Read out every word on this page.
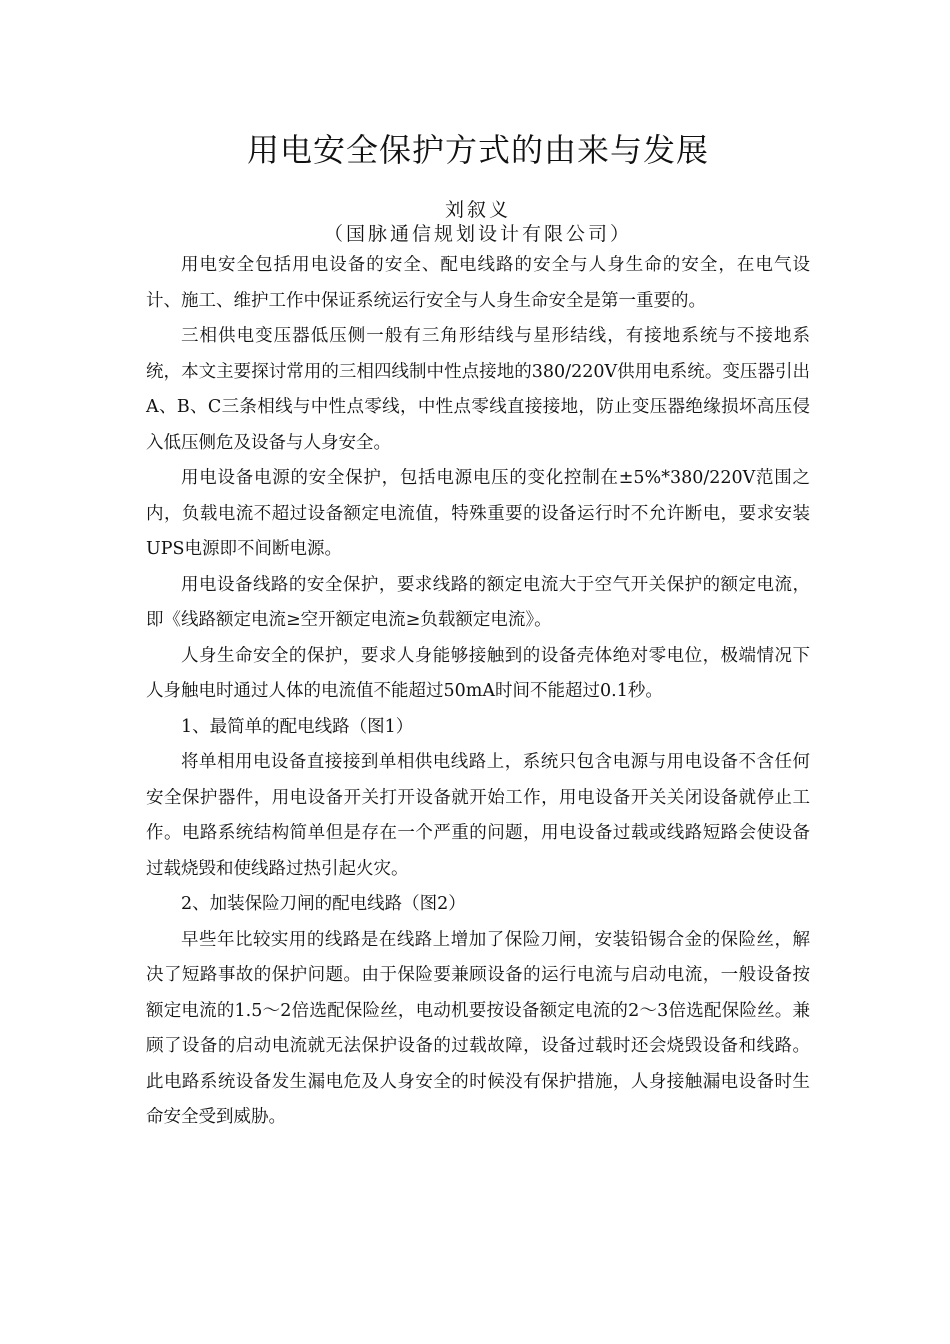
用电安全保护方式的由来与发展
刘叙义
（国脉通信规划设计有限公司）

用电安全包括用电设备的安全、配电线路的安全与人身生命的安全，在电气设计、施工、维护工作中保证系统运行安全与人身生命安全是第一重要的。

三相供电变压器低压侧一般有三角形结线与星形结线，有接地系统与不接地系统，本文主要探讨常用的三相四线制中性点接地的380/220V供用电系统。变压器引出A、B、C三条相线与中性点零线，中性点零线直接接地，防止变压器绝缘损坏高压侵入低压侧危及设备与人身安全。

用电设备电源的安全保护，包括电源电压的变化控制在±5%*380/220V范围之内，负载电流不超过设备额定电流值，特殊重要的设备运行时不允许断电，要求安装UPS电源即不间断电源。

用电设备线路的安全保护，要求线路的额定电流大于空气开关保护的额定电流，即《线路额定电流≥空开额定电流≥负载额定电流》。

人身生命安全的保护，要求人身能够接触到的设备壳体绝对零电位，极端情况下人身触电时通过人体的电流值不能超过50mA时间不能超过0.1秒。

1、最简单的配电线路（图1）

将单相用电设备直接接到单相供电线路上，系统只包含电源与用电设备不含任何安全保护器件，用电设备开关打开设备就开始工作，用电设备开关关闭设备就停止工作。电路系统结构简单但是存在一个严重的问题，用电设备过载或线路短路会使设备过载烧毁和使线路过热引起火灾。

2、加装保险刀闸的配电线路（图2）

早些年比较实用的线路是在线路上增加了保险刀闸，安装铅锡合金的保险丝，解决了短路事故的保护问题。由于保险要兼顾设备的运行电流与启动电流，一般设备按额定电流的1.5～2倍选配保险丝，电动机要按设备额定电流的2～3倍选配保险丝。兼顾了设备的启动电流就无法保护设备的过载故障，设备过载时还会烧毁设备和线路。此电路系统设备发生漏电危及人身安全的时候没有保护措施，人身接触漏电设备时生命安全受到威胁。
